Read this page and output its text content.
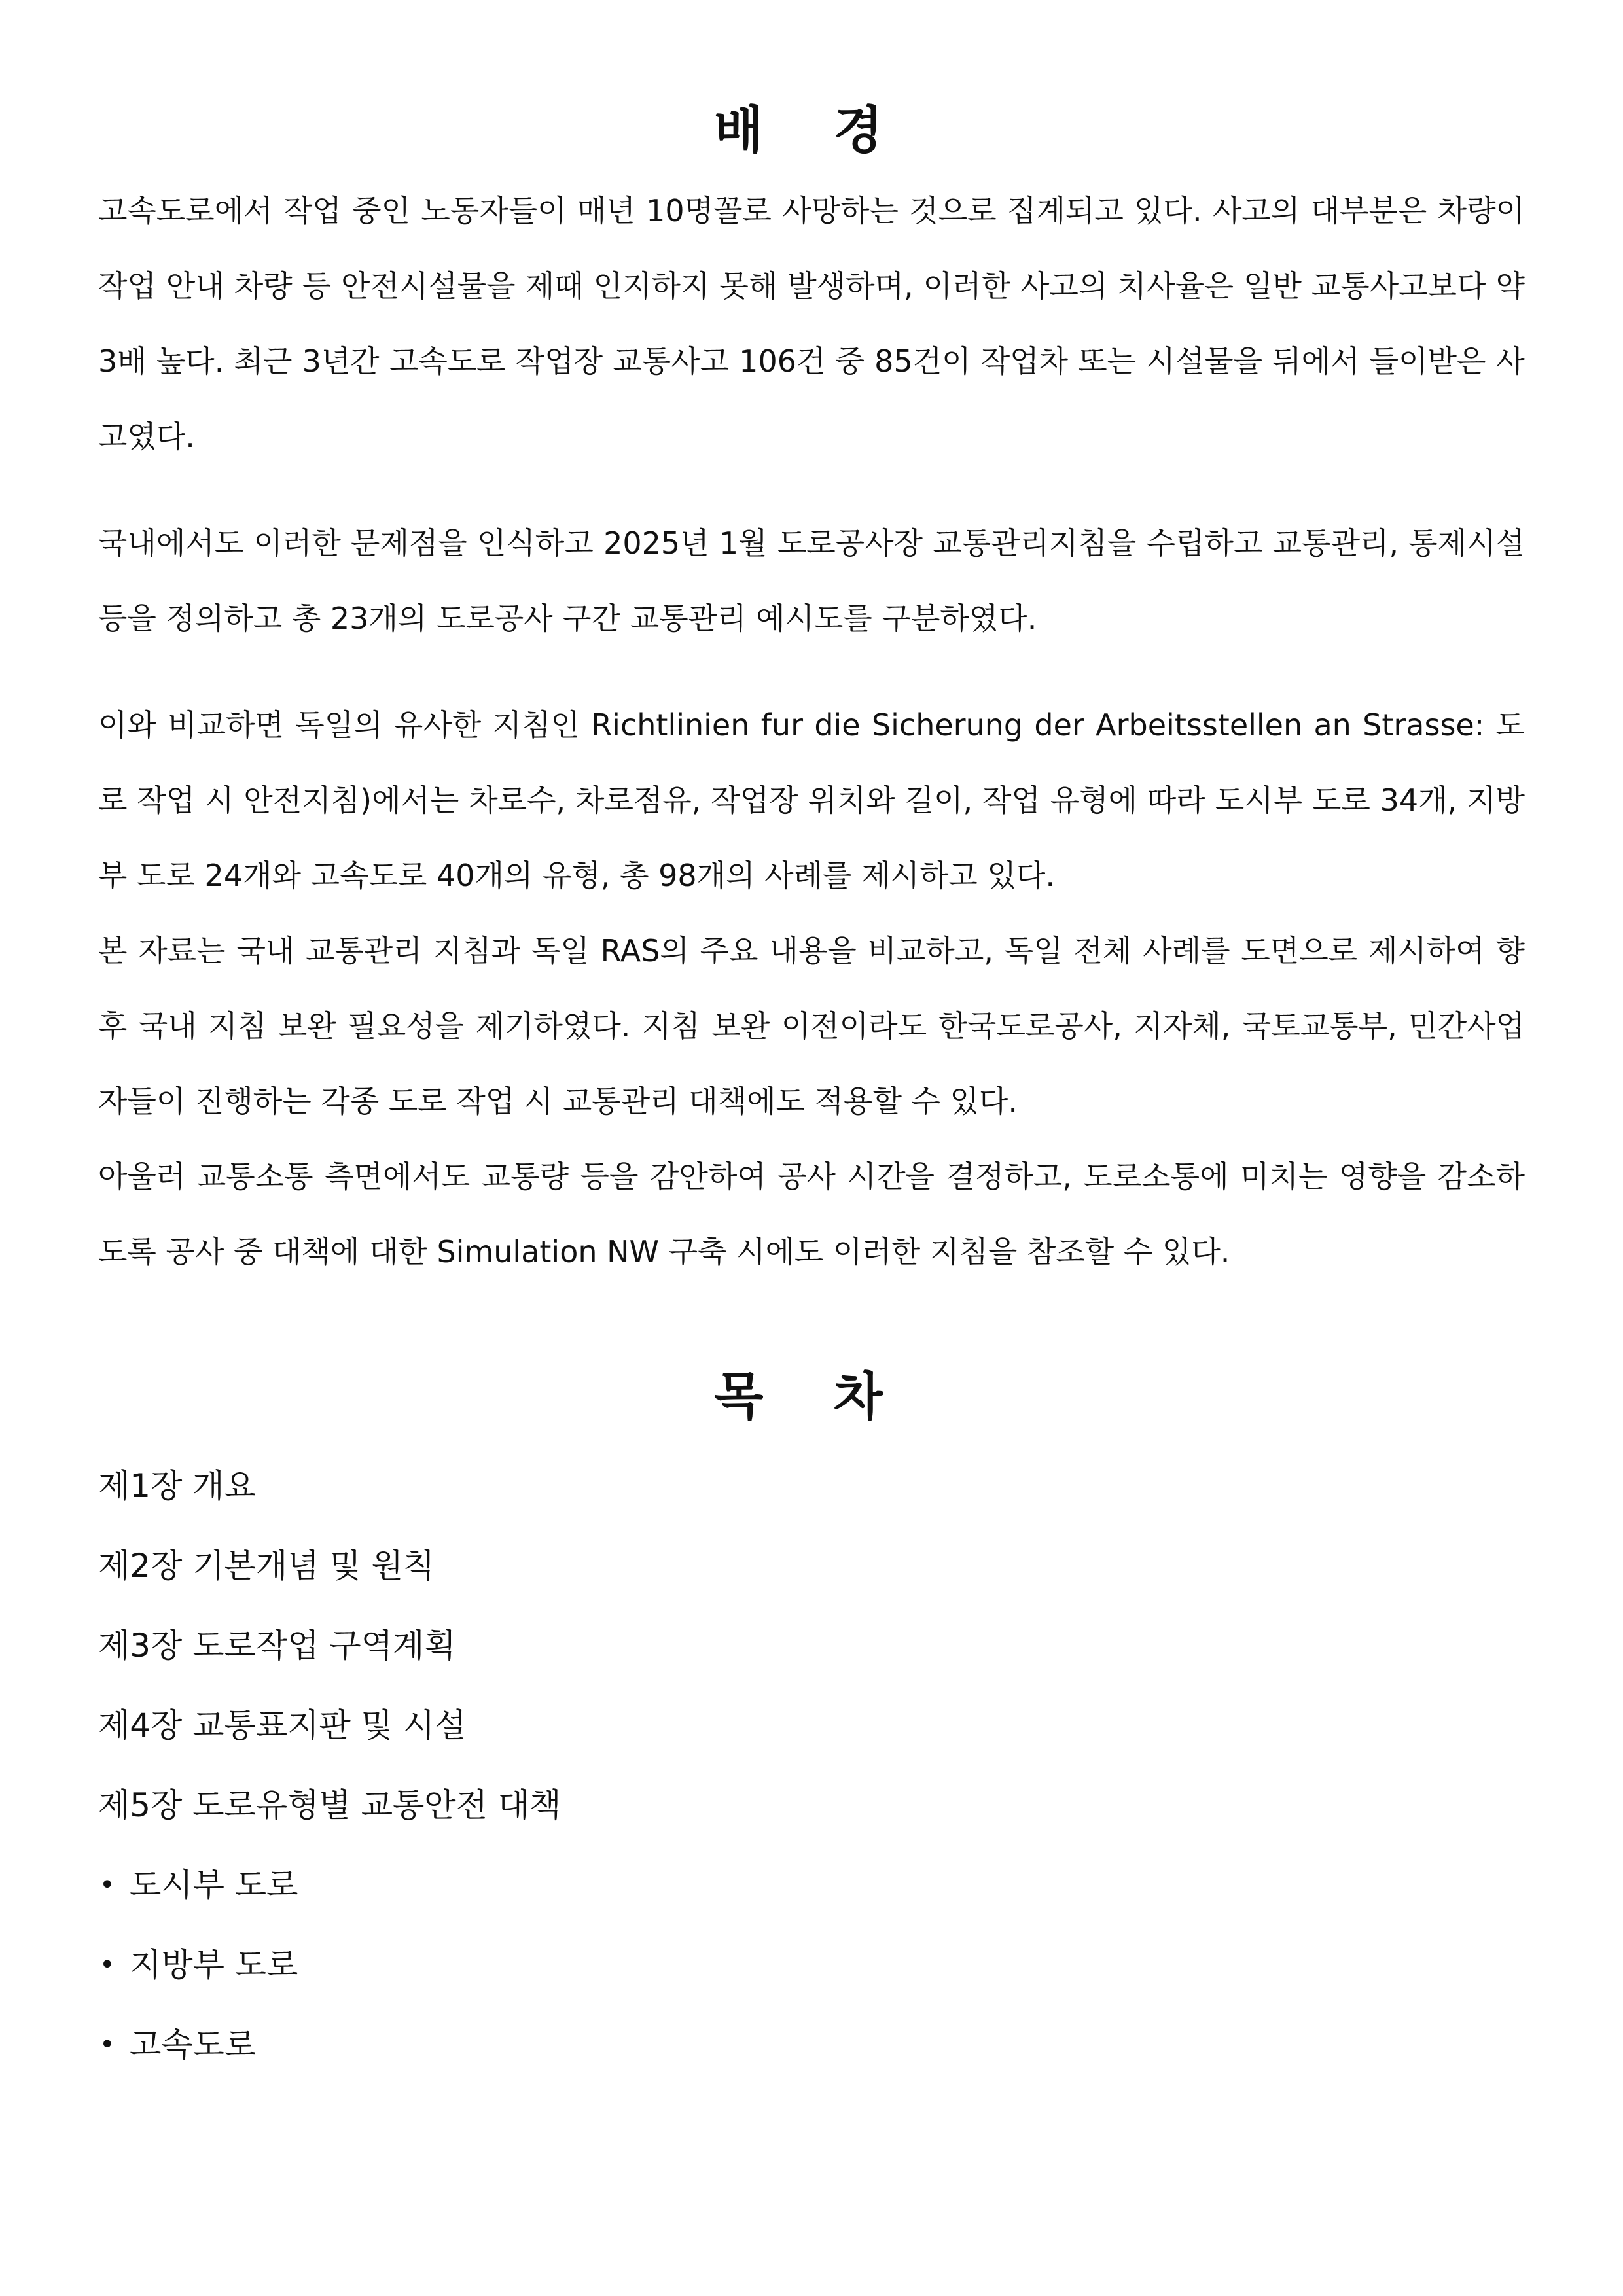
배 경

고속도로에서 작업 중인 노동자들이 매년 10명꼴로 사망하는 것으로 집계되고 있다. 사고의 대부분은 차량이 작업 안내 차량 등 안전시설물을 제때 인지하지 못해 발생하며, 이러한 사고의 치사율은 일반 교통사고보다 약 3배 높다. 최근 3년간 고속도로 작업장 교통사고 106건 중 85건이 작업차 또는 시설물을 뒤에서 들이받은 사고였다.

국내에서도 이러한 문제점을 인식하고 2025년 1월 도로공사장 교통관리지침을 수립하고 교통관리, 통제시설 등을 정의하고 총 23개의 도로공사 구간 교통관리 예시도를 구분하였다.

이와 비교하면 독일의 유사한 지침인 Richtlinien fur die Sicherung der Arbeitsstellen an Strasse: 도로 작업 시 안전지침)에서는 차로수, 차로점유, 작업장 위치와 길이, 작업 유형에 따라 도시부 도로 34개, 지방부 도로 24개와 고속도로 40개의 유형, 총 98개의 사례를 제시하고 있다.

본 자료는 국내 교통관리 지침과 독일 RAS의 주요 내용을 비교하고, 독일 전체 사례를 도면으로 제시하여 향후 국내 지침 보완 필요성을 제기하였다. 지침 보완 이전이라도 한국도로공사, 지자체, 국토교통부, 민간사업자들이 진행하는 각종 도로 작업 시 교통관리 대책에도 적용할 수 있다.

아울러 교통소통 측면에서도 교통량 등을 감안하여 공사 시간을 결정하고, 도로소통에 미치는 영향을 감소하도록 공사 중 대책에 대한 Simulation NW 구축 시에도 이러한 지침을 참조할 수 있다.

목 차
제1장 개요
제2장 기본개념 및 원칙
제3장 도로작업 구역계획
제4장 교통표지판 및 시설
제5장 도로유형별 교통안전 대책
• 도시부 도로
• 지방부 도로
• 고속도로
